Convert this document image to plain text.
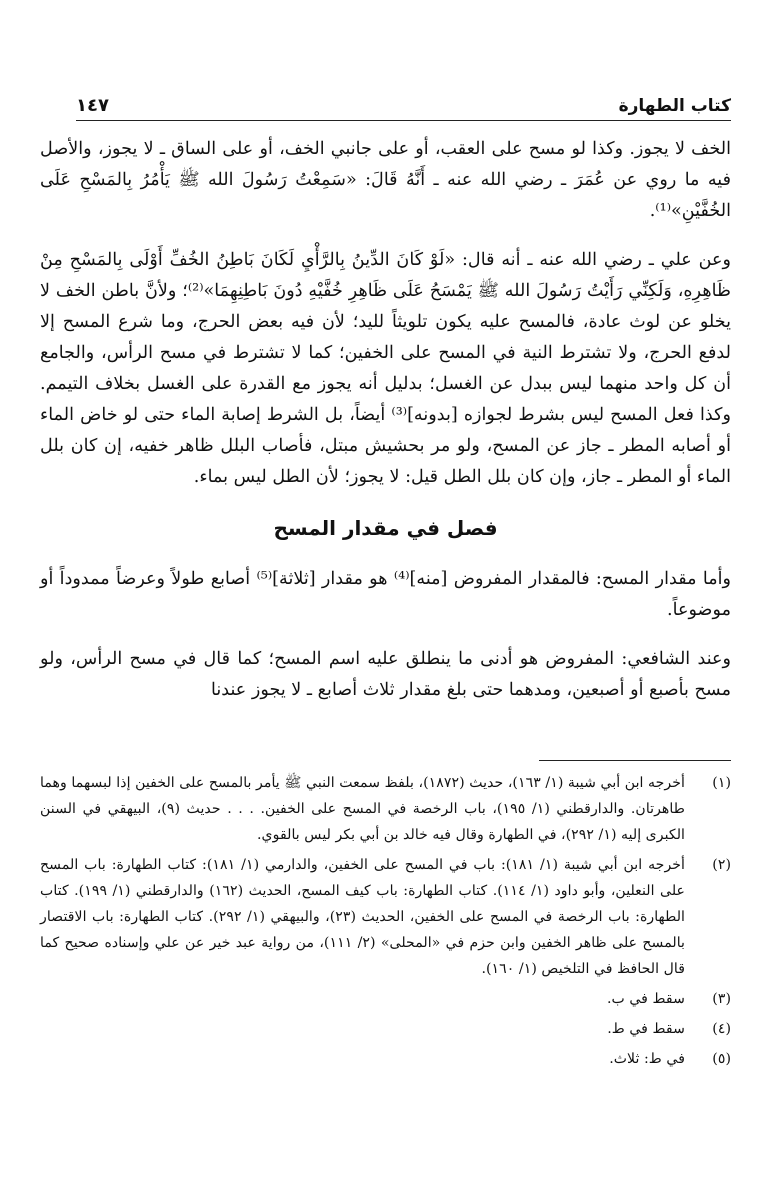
كتاب الطهارة
١٤٧

الخف لا يجوز. وكذا لو مسح على العقب، أو على جانبي الخف، أو على الساق ـ لا يجوز، والأصل فيه ما روي عن عُمَرَ ـ رضي الله عنه ـ أَنَّهُ قَالَ: «سَمِعْتُ رَسُولَ الله ﷺ يَأْمُرُ بِالمَسْحِ عَلَى الخُفَّيْنِ»⁽¹⁾.

وعن علي ـ رضي الله عنه ـ أنه قال: «لَوْ كَانَ الدِّينُ بِالرَّأْيِ لَكَانَ بَاطِنُ الخُفِّ أَوْلَى بِالمَسْحِ مِنْ ظَاهِرِهِ، وَلَكِنِّي رَأَيْتُ رَسُولَ الله ﷺ يَمْسَحُ عَلَى ظَاهِرِ خُفَّيْهِ دُونَ بَاطِنِهِمَا»⁽²⁾؛ ولأنَّ باطن الخف لا يخلو عن لوث عادة، فالمسح عليه يكون تلويثاً لليد؛ لأن فيه بعض الحرج، وما شرع المسح إلا لدفع الحرج، ولا تشترط النية في المسح على الخفين؛ كما لا تشترط في مسح الرأس، والجامع أن كل واحد منهما ليس ببدل عن الغسل؛ بدليل أنه يجوز مع القدرة على الغسل بخلاف التيمم. وكذا فعل المسح ليس بشرط لجوازه [بدونه]⁽³⁾ أيضاً، بل الشرط إصابة الماء حتى لو خاض الماء أو أصابه المطر ـ جاز عن المسح، ولو مر بحشيش مبتل، فأصاب البلل ظاهر خفيه، إن كان بلل الماء أو المطر ـ جاز، وإن كان بلل الطل قيل: لا يجوز؛ لأن الطل ليس بماء.

فصل في مقدار المسح

وأما مقدار المسح: فالمقدار المفروض [منه]⁽⁴⁾ هو مقدار [ثلاثة]⁽⁵⁾ أصابع طولاً وعرضاً ممدوداً أو موضوعاً.

وعند الشافعي: المفروض هو أدنى ما ينطلق عليه اسم المسح؛ كما قال في مسح الرأس، ولو مسح بأصبع أو أصبعين، ومدهما حتى بلغ مقدار ثلاث أصابع ـ لا يجوز عندنا

(١)
أخرجه ابن أبي شيبة (١/ ١٦٣)، حديث (١٨٧٢)، بلفظ سمعت النبي ﷺ يأمر بالمسح على الخفين إذا لبسهما وهما طاهرتان. والدارقطني (١/ ١٩٥)، باب الرخصة في المسح على الخفين. . . . حديث (٩)، البيهقي في السنن الكبرى إليه (١/ ٢٩٢)، في الطهارة وقال فيه خالد بن أبي بكر ليس بالقوي.
(٢)
أخرجه ابن أبي شيبة (١/ ١٨١): باب في المسح على الخفين، والدارمي (١/ ١٨١): كتاب الطهارة: باب المسح على النعلين، وأبو داود (١/ ١١٤). كتاب الطهارة: باب كيف المسح، الحديث (١٦٢) والدارقطني (١/ ١٩٩). كتاب الطهارة: باب الرخصة في المسح على الخفين، الحديث (٢٣)، والبيهقي (١/ ٢٩٢). كتاب الطهارة: باب الاقتصار بالمسح على ظاهر الخفين وابن حزم في «المحلى» (٢/ ١١١)، من رواية عبد خير عن علي وإسناده صحيح كما قال الحافظ في التلخيص (١/ ١٦٠).
(٣)
سقط في ب.
(٤)
سقط في ط.
(٥)
في ط: ثلاث.
